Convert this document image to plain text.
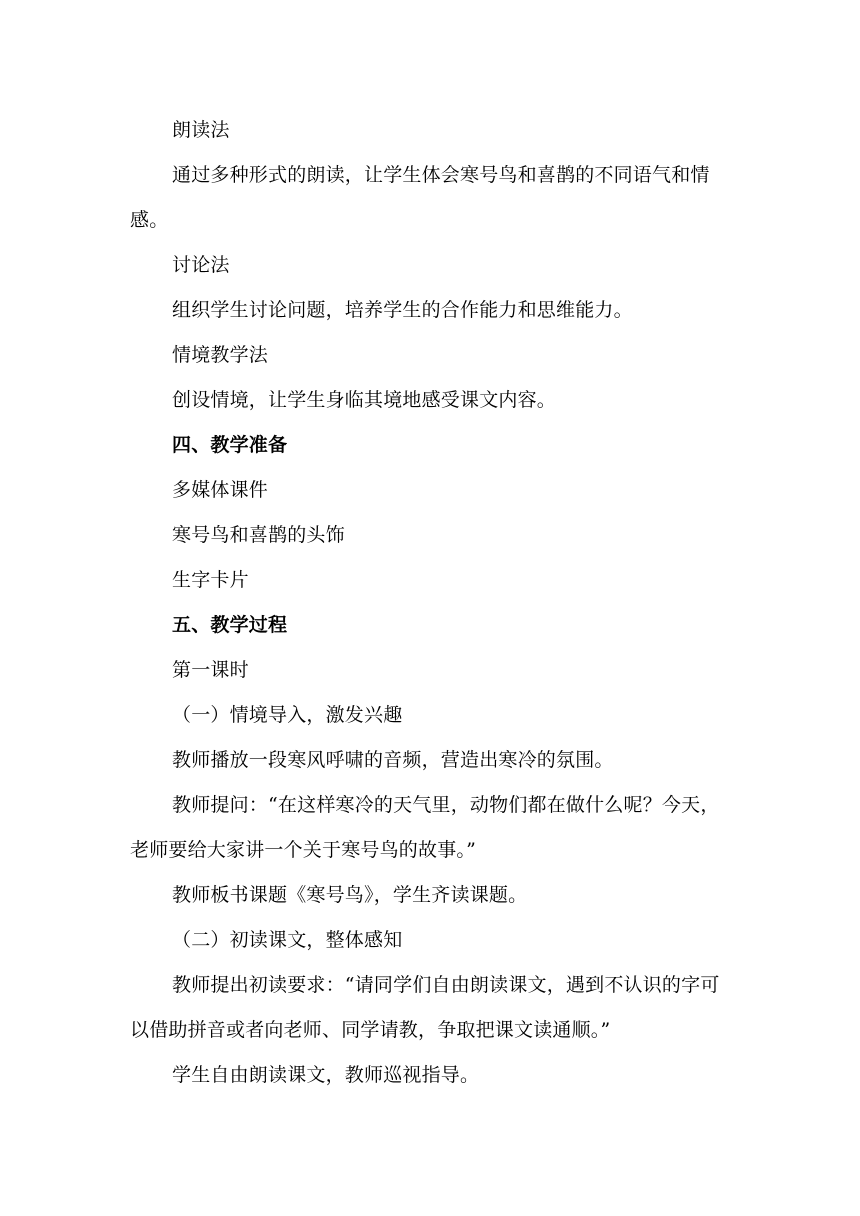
朗读法

通过多种形式的朗读，让学生体会寒号鸟和喜鹊的不同语气和情感。

讨论法

组织学生讨论问题，培养学生的合作能力和思维能力。

情境教学法

创设情境，让学生身临其境地感受课文内容。

四、教学准备

多媒体课件

寒号鸟和喜鹊的头饰

生字卡片

五、教学过程

第一课时

（一）情境导入，激发兴趣

教师播放一段寒风呼啸的音频，营造出寒冷的氛围。

教师提问：“在这样寒冷的天气里，动物们都在做什么呢？今天，老师要给大家讲一个关于寒号鸟的故事。”

教师板书课题《寒号鸟》，学生齐读课题。

（二）初读课文，整体感知

教师提出初读要求：“请同学们自由朗读课文，遇到不认识的字可以借助拼音或者向老师、同学请教，争取把课文读通顺。”

学生自由朗读课文，教师巡视指导。
